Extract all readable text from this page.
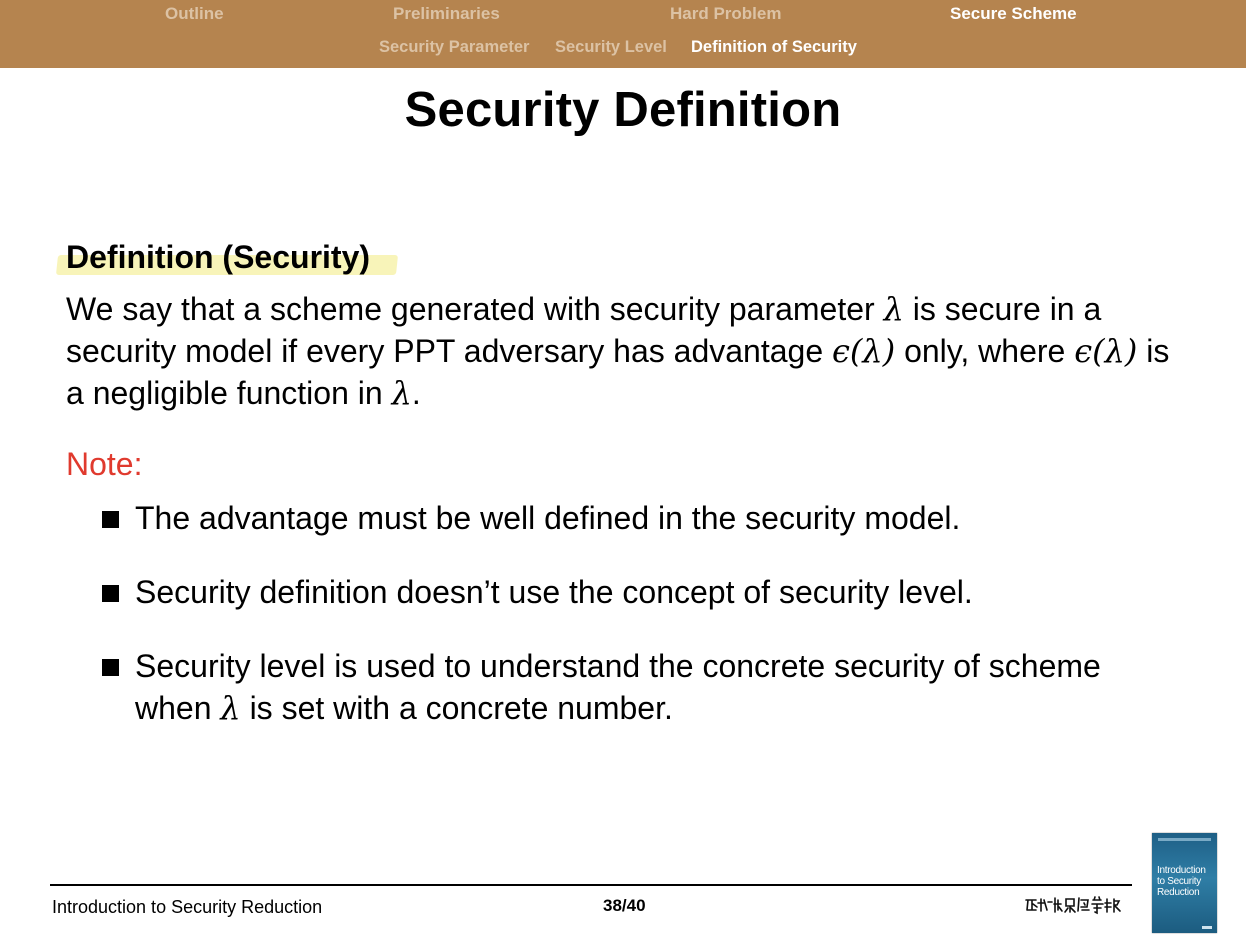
Outline	Preliminaries	Hard Problem	Secure Scheme
Security Parameter Security Level Definition of Security
Security Definition
Definition (Security)
We say that a scheme generated with security parameter λ is secure in a security model if every PPT adversary has advantage ϵ(λ) only, where ϵ(λ) is a negligible function in λ.
Note:
The advantage must be well defined in the security model.
Security definition doesn’t use the concept of security level.
Security level is used to understand the concrete security of scheme when λ is set with a concrete number.
Introduction to Security Reduction	38/40
Introduction to Security Reduction
